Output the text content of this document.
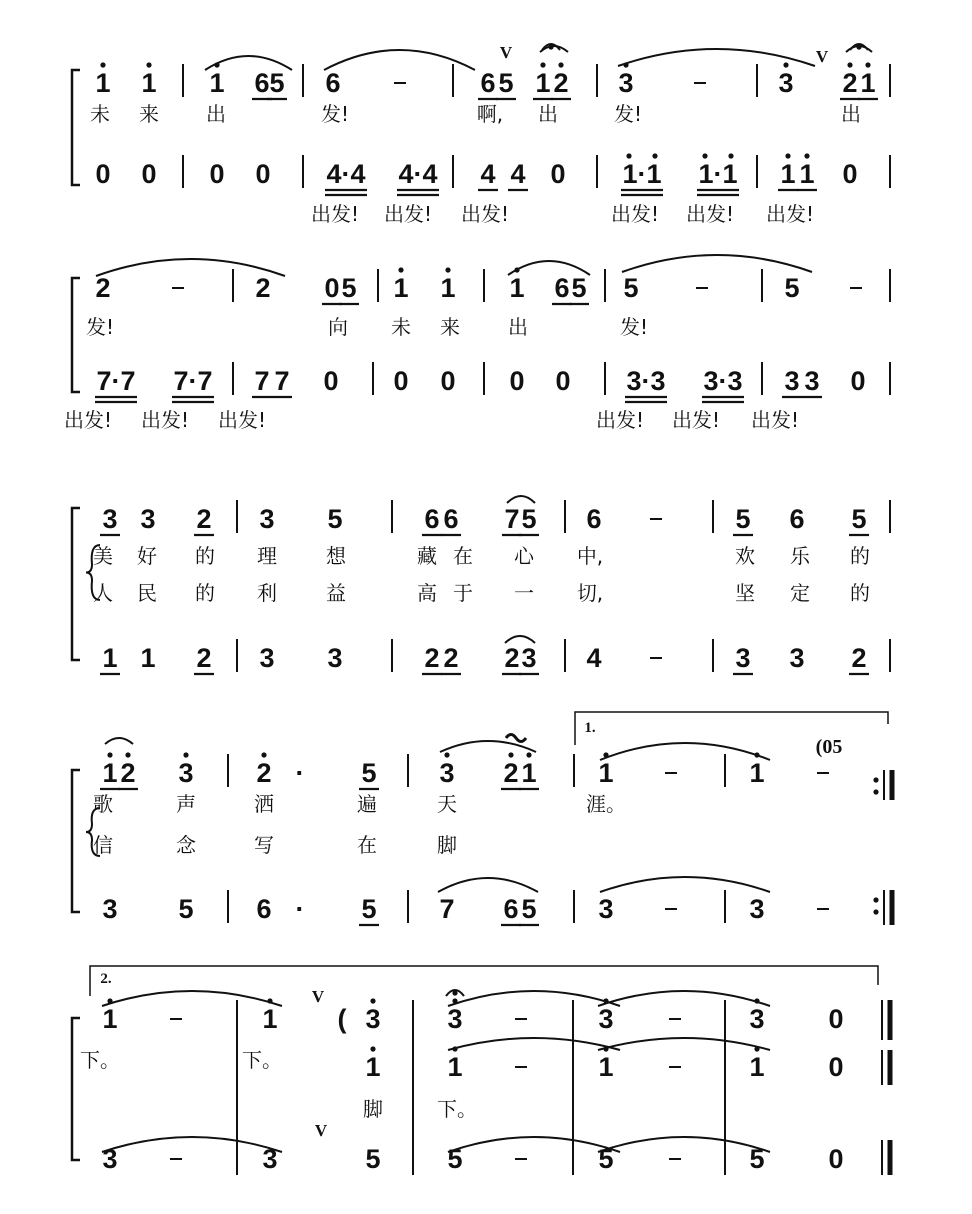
1 1 1 6 5 6	6 5 1 2 3	3 2 1
未 来 出	发!	啊, 出	发!	出
0 0 0 0 4·4 4·4 4 4 0 1·1 1·1 1 1 0
出发! 出发! 出发!	出发! 出发! 出发!
2	2 0 5 1 1 1 6 5 5	5
发!	向 未 来 出	发!
7·7 7·7 7 7 0 0 0 0 0 3·3 3·3 3 3 0
出发! 出发! 出发!	出发! 出发! 出发!
3 3 2 3 5	6 6 7 5 6	5 6 5
美 好 的 理 想	藏 在 心 中,	欢 乐 的
人 民 的 利 益	高 于 一 切,	坚 定 的
1 1 2 3 3	2 2 2 3 4	3 3 2
1 2 3 2 · 5 3 2 1 1	1
歌	声	洒	遍	天	涯。
信	念	写	在	脚
3 5 6 · 5 7 6 5 3	3
V	V
V
V
1.
(05
2.
1	1	3 3	3	3 0
(
下。	下。	1 1	1	1 0
脚	下。
3	3	5 5	5	5 0
